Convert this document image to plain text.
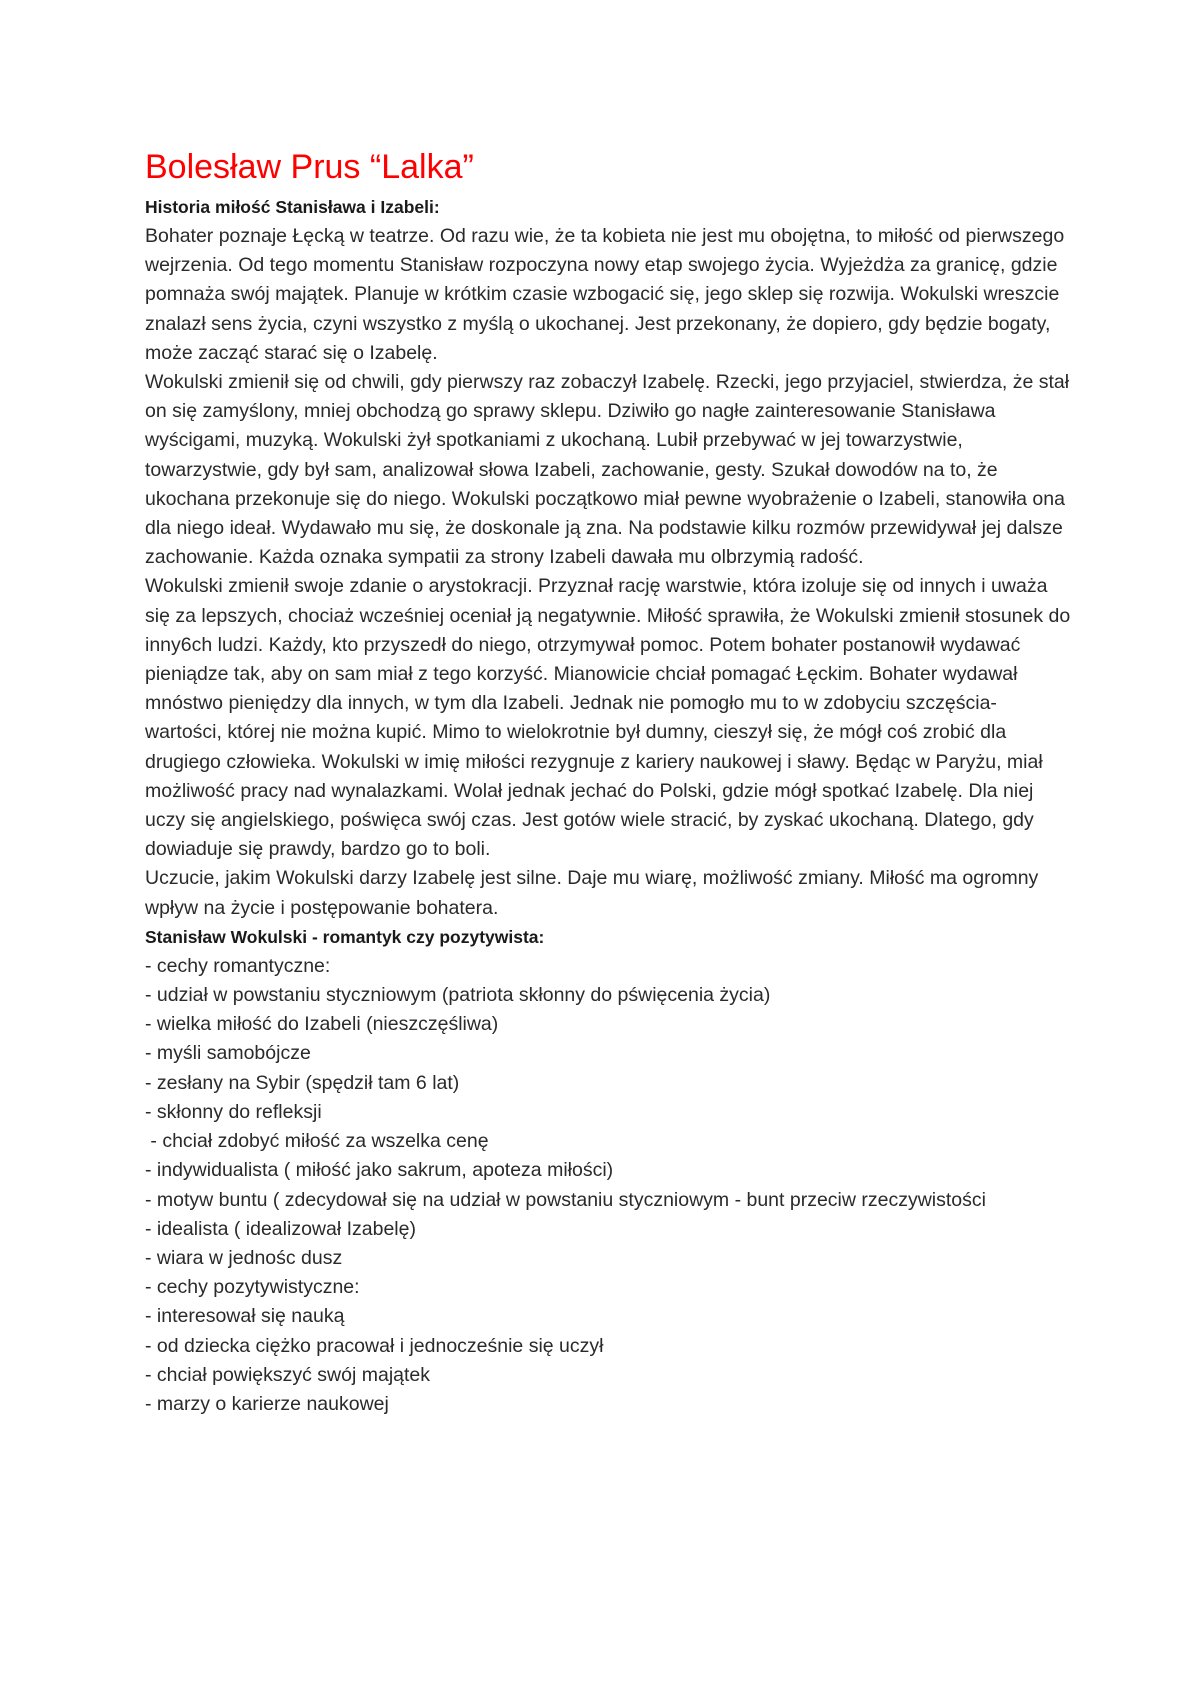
Bolesław Prus “Lalka”
Historia miłość Stanisława i Izabeli:

Bohater poznaje Łęcką w teatrze. Od razu wie, że ta kobieta nie jest mu obojętna, to miłość od pierwszego wejrzenia. Od tego momentu Stanisław rozpoczyna nowy etap swojego życia. Wyjeżdża za granicę, gdzie pomnaża swój majątek. Planuje w krótkim czasie wzbogacić się, jego sklep się rozwija. Wokulski wreszcie znalazł sens życia, czyni wszystko z myślą o ukochanej. Jest przekonany, że dopiero, gdy będzie bogaty, może zacząć starać się o Izabelę.

Wokulski zmienił się od chwili, gdy pierwszy raz zobaczył Izabelę. Rzecki, jego przyjaciel, stwierdza, że stał on się zamyślony, mniej obchodzą go sprawy sklepu. Dziwiło go nagłe zainteresowanie Stanisława wyścigami, muzyką. Wokulski żył spotkaniami z ukochaną. Lubił przebywać w jej towarzystwie, towarzystwie, gdy był sam, analizował słowa Izabeli, zachowanie, gesty. Szukał dowodów na to, że ukochana przekonuje się do niego. Wokulski początkowo miał pewne wyobrażenie o Izabeli, stanowiła ona dla niego ideał. Wydawało mu się, że doskonale ją zna. Na podstawie kilku rozmów przewidywał jej dalsze zachowanie. Każda oznaka sympatii za strony Izabeli dawała mu olbrzymią radość.

Wokulski zmienił swoje zdanie o arystokracji. Przyznał rację warstwie, która izoluje się od innych i uważa się za lepszych, chociaż wcześniej oceniał ją negatywnie. Miłość sprawiła, że Wokulski zmienił stosunek do inny6ch ludzi. Każdy, kto przyszedł do niego, otrzymywał pomoc. Potem bohater postanowił wydawać pieniądze tak, aby on sam miał z tego korzyść. Mianowicie chciał pomagać Łęckim. Bohater wydawał mnóstwo pieniędzy dla innych, w tym dla Izabeli. Jednak nie pomogło mu to w zdobyciu szczęścia- wartości, której nie można kupić. Mimo to wielokrotnie był dumny, cieszył się, że mógł coś zrobić dla drugiego człowieka. Wokulski w imię miłości rezygnuje z kariery naukowej i sławy. Będąc w Paryżu, miał możliwość pracy nad wynalazkami. Wolał jednak jechać do Polski, gdzie mógł spotkać Izabelę. Dla niej uczy się angielskiego, poświęca swój czas. Jest gotów wiele stracić, by zyskać ukochaną. Dlatego, gdy dowiaduje się prawdy, bardzo go to boli.

Uczucie, jakim Wokulski darzy Izabelę jest silne. Daje mu wiarę, możliwość zmiany. Miłość ma ogromny wpływ na życie i postępowanie bohatera.

Stanisław Wokulski - romantyk czy pozytywista:
- cechy romantyczne:
- udział w powstaniu styczniowym (patriota skłonny do pświęcenia życia)
- wielka miłość do Izabeli (nieszczęśliwa)
- myśli samobójcze
- zesłany na Sybir (spędził tam 6 lat)
- skłonny do refleksji
- chciał zdobyć miłość za wszelka cenę
- indywidualista ( miłość jako sakrum, apoteza miłości)
- motyw buntu ( zdecydował się na udział w powstaniu styczniowym - bunt przeciw rzeczywistości
- idealista ( idealizował Izabelę)
- wiara w jednośc dusz
- cechy pozytywistyczne:
- interesował się nauką
- od dziecka ciężko pracował i jednocześnie się uczył
- chciał powiększyć swój majątek
- marzy o karierze naukowej
